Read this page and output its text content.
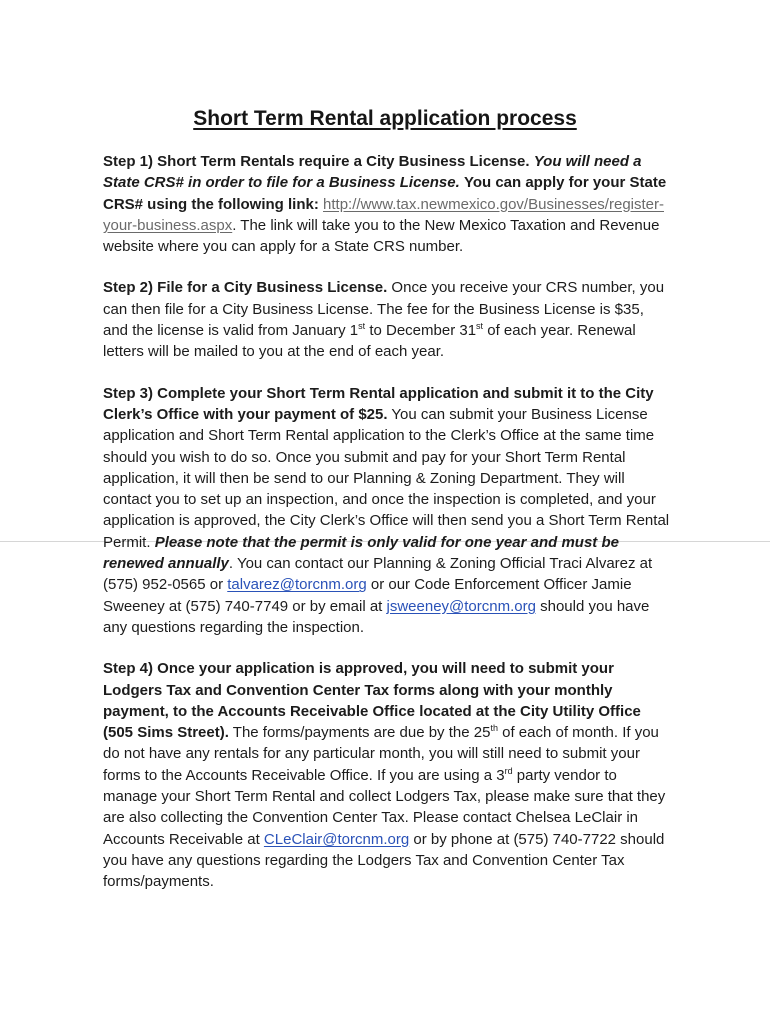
Short Term Rental application process

Step 1) Short Term Rentals require a City Business License. You will need a State CRS# in order to file for a Business License. You can apply for your State CRS# using the following link: http://www.tax.newmexico.gov/Businesses/register-your-business.aspx. The link will take you to the New Mexico Taxation and Revenue website where you can apply for a State CRS number.

Step 2) File for a City Business License. Once you receive your CRS number, you can then file for a City Business License. The fee for the Business License is $35, and the license is valid from January 1st to December 31st of each year. Renewal letters will be mailed to you at the end of each year.

Step 3) Complete your Short Term Rental application and submit it to the City Clerk’s Office with your payment of $25. You can submit your Business License application and Short Term Rental application to the Clerk’s Office at the same time should you wish to do so. Once you submit and pay for your Short Term Rental application, it will then be send to our Planning & Zoning Department. They will contact you to set up an inspection, and once the inspection is completed, and your application is approved, the City Clerk’s Office will then send you a Short Term Rental Permit. Please note that the permit is only valid for one year and must be renewed annually. You can contact our Planning & Zoning Official Traci Alvarez at (575) 952-0565 or talvarez@torcnm.org or our Code Enforcement Officer Jamie Sweeney at (575) 740-7749 or by email at jsweeney@torcnm.org should you have any questions regarding the inspection.

Step 4) Once your application is approved, you will need to submit your Lodgers Tax and Convention Center Tax forms along with your monthly payment, to the Accounts Receivable Office located at the City Utility Office (505 Sims Street). The forms/payments are due by the 25th of each of month. If you do not have any rentals for any particular month, you will still need to submit your forms to the Accounts Receivable Office. If you are using a 3rd party vendor to manage your Short Term Rental and collect Lodgers Tax, please make sure that they are also collecting the Convention Center Tax. Please contact Chelsea LeClair in Accounts Receivable at CLeClair@torcnm.org or by phone at (575) 740-7722 should you have any questions regarding the Lodgers Tax and Convention Center Tax forms/payments.
